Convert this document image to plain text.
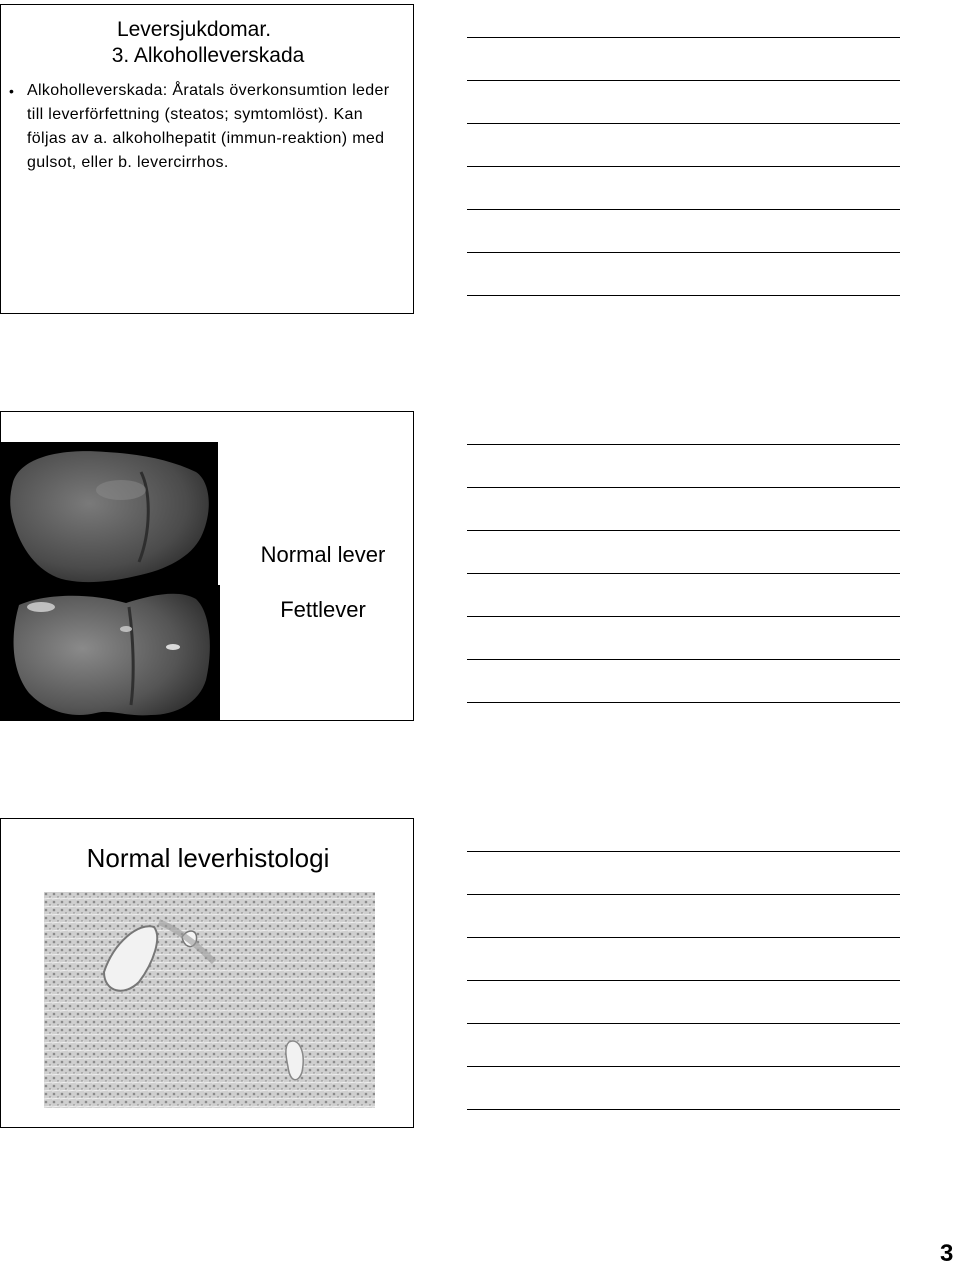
Leversjukdomar.
3. Alkoholleverskada
• Alkoholleverskada: Åratals överkonsumtion leder till leverförfettning (steatos; symtomlöst). Kan följas av a. alkoholhepatit (immun-reaktion) med gulsot, eller b. levercirrhos.
Normal lever
Fettlever
Normal leverhistologi
3
